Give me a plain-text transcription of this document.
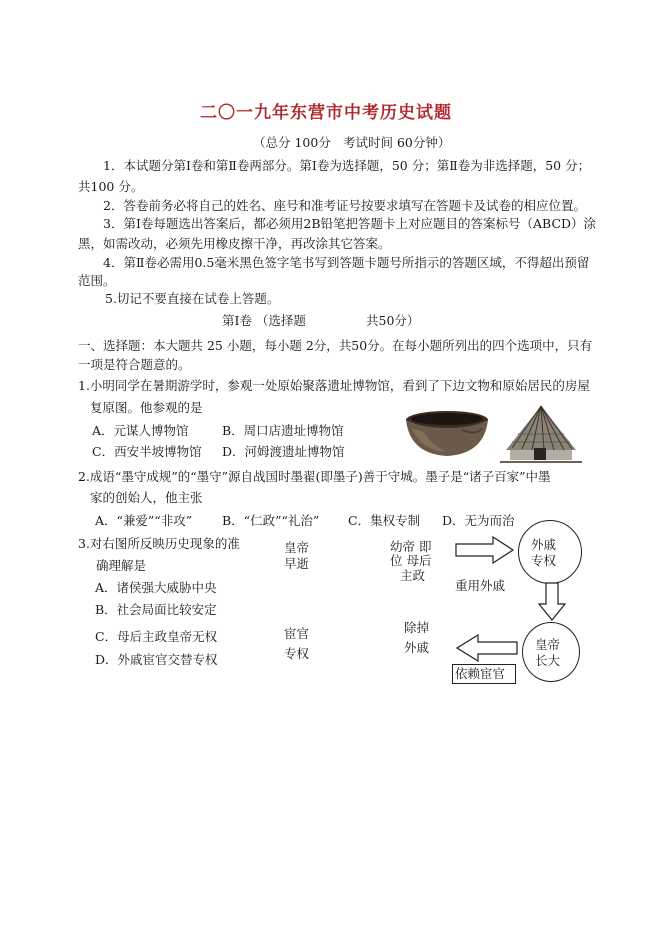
二〇一九年东营市中考历史试题
（总分 100分 考试时间 60分钟）
1．本试题分第Ⅰ卷和第Ⅱ卷两部分。第Ⅰ卷为选择题，50 分；第Ⅱ卷为非选择题，50 分；
共100 分。
2．答卷前务必将自己的姓名、座号和准考证号按要求填写在答题卡及试卷的相应位置。
3．第Ⅰ卷每题选出答案后，都必须用2B铅笔把答题卡上对应题目的答案标号（ABCD）涂
黑，如需改动，必须先用橡皮擦干净，再改涂其它答案。
4．第Ⅱ卷必需用0.5毫米黑色签字笔书写到答题卡题号所指示的答题区域，不得超出预留
范围。
5.切记不要直接在试卷上答题。
第Ⅰ卷 （选择题	共50分）
一、选择题：本大题共 25 小题，每小题 2分，共50分。在每小题所列出的四个选项中，只有
一项是符合题意的。
1.小明同学在暑期游学时，参观一处原始聚落遗址博物馆，看到了下边文物和原始居民的房屋
复原图。他参观的是
A．元谋人博物馆	B．周口店遗址博物馆
C．西安半坡博物馆 D．河姆渡遗址博物馆
2.成语“墨守成规”的“墨守”源自战国时墨翟(即墨子)善于守城。墨子是“诸子百家”中墨
家的创始人，他主张
A．“兼爱”“非攻” B．“仁政”“礼治” C．集权专制 D．无为而治
3.对右图所反映历史现象的准
确理解是
A．诸侯强大威胁中央
B．社会局面比较安定
C．母后主政皇帝无权
D．外戚宦官交替专权
皇帝
早逝
幼帝 即
位 母后
主政
外戚
专权
重用外戚
皇帝
长大
依赖宦官
除掉
外戚
宦官
专权
